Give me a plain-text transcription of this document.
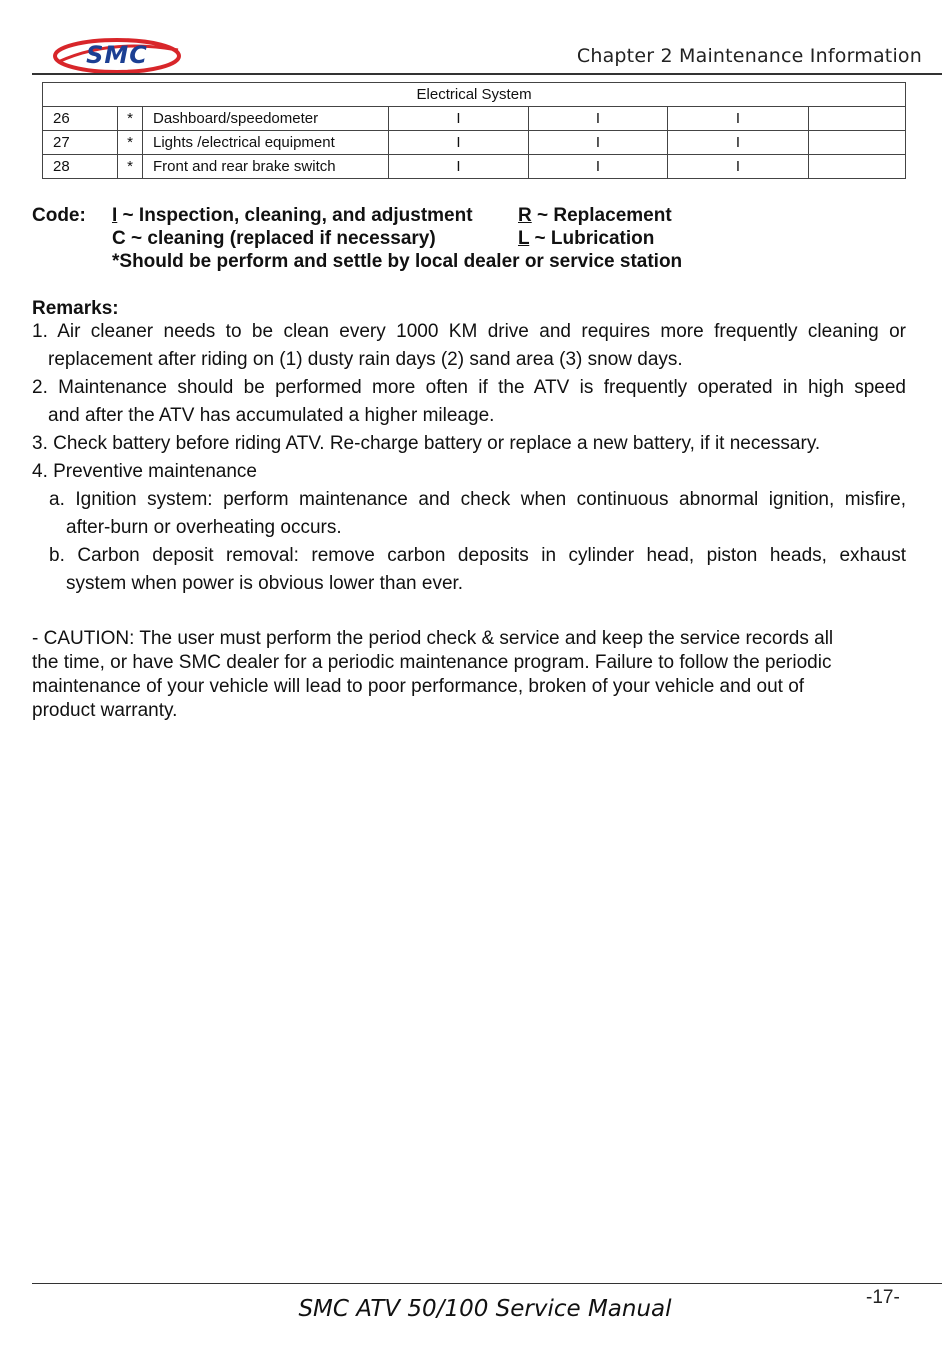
SMC	Chapter 2 Maintenance Information
Electrical System						
26	*	Dashboard/speedometer	I	I	I	
27	*	Lights /electrical equipment	I	I	I	
28	*	Front and rear brake switch	I	I	I	
Code: I ~ Inspection, cleaning, and adjustment R ~ Replacement
C ~ cleaning (replaced if necessary)	L ~ Lubrication
*Should be perform and settle by local dealer or service station
Remarks:
1. Air cleaner needs to be clean every 1000 KM drive and requires more frequently cleaning or
replacement after riding on (1) dusty rain days (2) sand area (3) snow days.
2. Maintenance should be performed more often if the ATV is frequently operated in high speed
and after the ATV has accumulated a higher mileage.
3. Check battery before riding ATV. Re-charge battery or replace a new battery, if it necessary.
4. Preventive maintenance
a. Ignition system: perform maintenance and check when continuous abnormal ignition, misfire,
after-burn or overheating occurs.
b. Carbon deposit removal: remove carbon deposits in cylinder head, piston heads, exhaust
system when power is obvious lower than ever.
- CAUTION: The user must perform the period check & service and keep the service records all
the time, or have SMC dealer for a periodic maintenance program. Failure to follow the periodic
maintenance of your vehicle will lead to poor performance, broken of your vehicle and out of
product warranty.
-17-
SMC ATV 50/100 Service Manual
